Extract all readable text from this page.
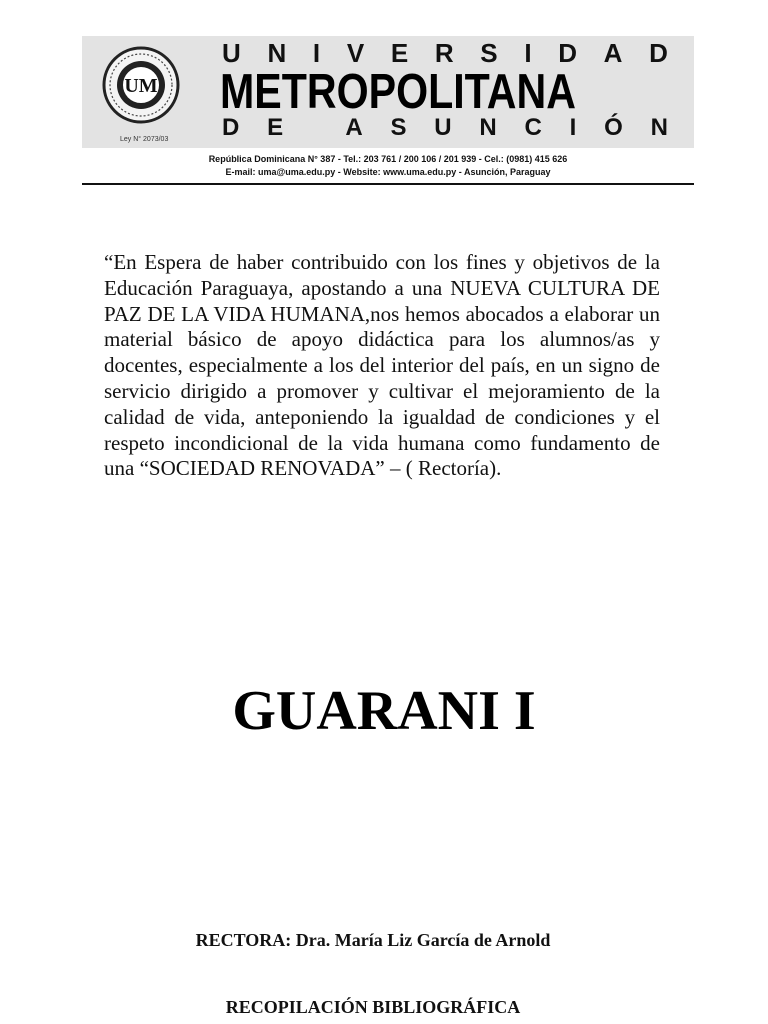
UM
Ley N° 2073/03
U N I V E R S I D A D
METROPOLITANA
D E
	A S U N C I Ó N
República Dominicana N° 387 - Tel.: 203 761 / 200 106 / 201 939 - Cel.: (0981) 415 626
E-mail: uma@uma.edu.py - Website: www.uma.edu.py - Asunción, Paraguay
“En Espera de haber contribuido con los fines y objetivos de la Educación Paraguaya, apostando a una NUEVA CULTURA DE PAZ DE LA VIDA HUMANA,nos hemos abocados a elaborar un material básico de apoyo didáctica para los alumnos/as y docentes, especialmente a los del interior del país, en un signo de servicio dirigido a promover y cultivar el mejoramiento de la calidad de vida, anteponiendo la igualdad de condiciones y el respeto incondicional de la vida humana como fundamento de una “SOCIEDAD RENOVADA” – ( Rectoría).
GUARANI I
RECTORA: Dra. María Liz García de Arnold
RECOPILACIÓN BIBLIOGRÁFICA
